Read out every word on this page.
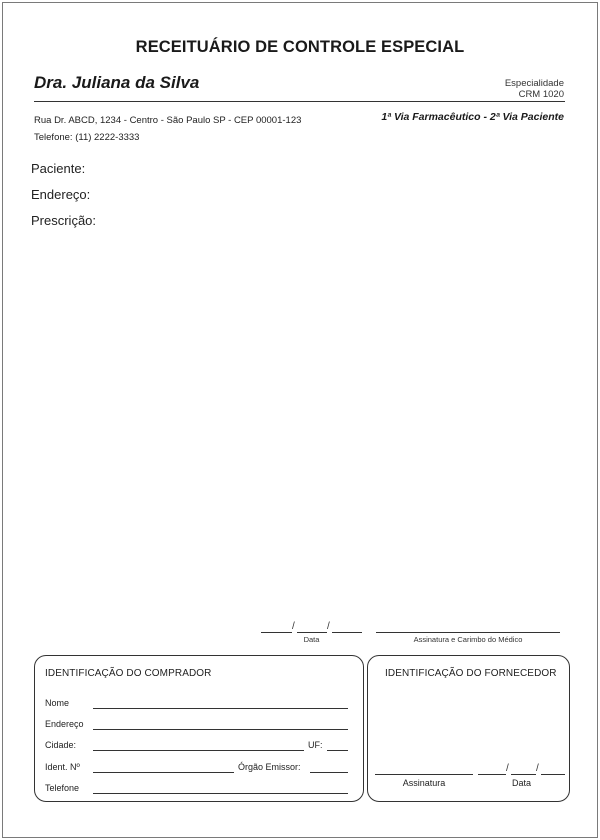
RECEITUÁRIO DE CONTROLE ESPECIAL
Dra. Juliana da Silva	Especialidade
CRM 1020
Rua Dr. ABCD, 1234 - Centro - São Paulo SP - CEP 00001-123
Telefone: (11) 2222-3333
1ª Via Farmacêutico - 2ª Via Paciente
Paciente:
Endereço:
Prescrição:
/	/
Data	Assinatura e Carimbo do Médico
IDENTIFICAÇÃO DO COMPRADOR
Nome
Endereço
Cidade:	UF:
Ident. Nº	Órgão Emissor:
Telefone
IDENTIFICAÇÃO DO FORNECEDOR
Assinatura
/	/
Data
